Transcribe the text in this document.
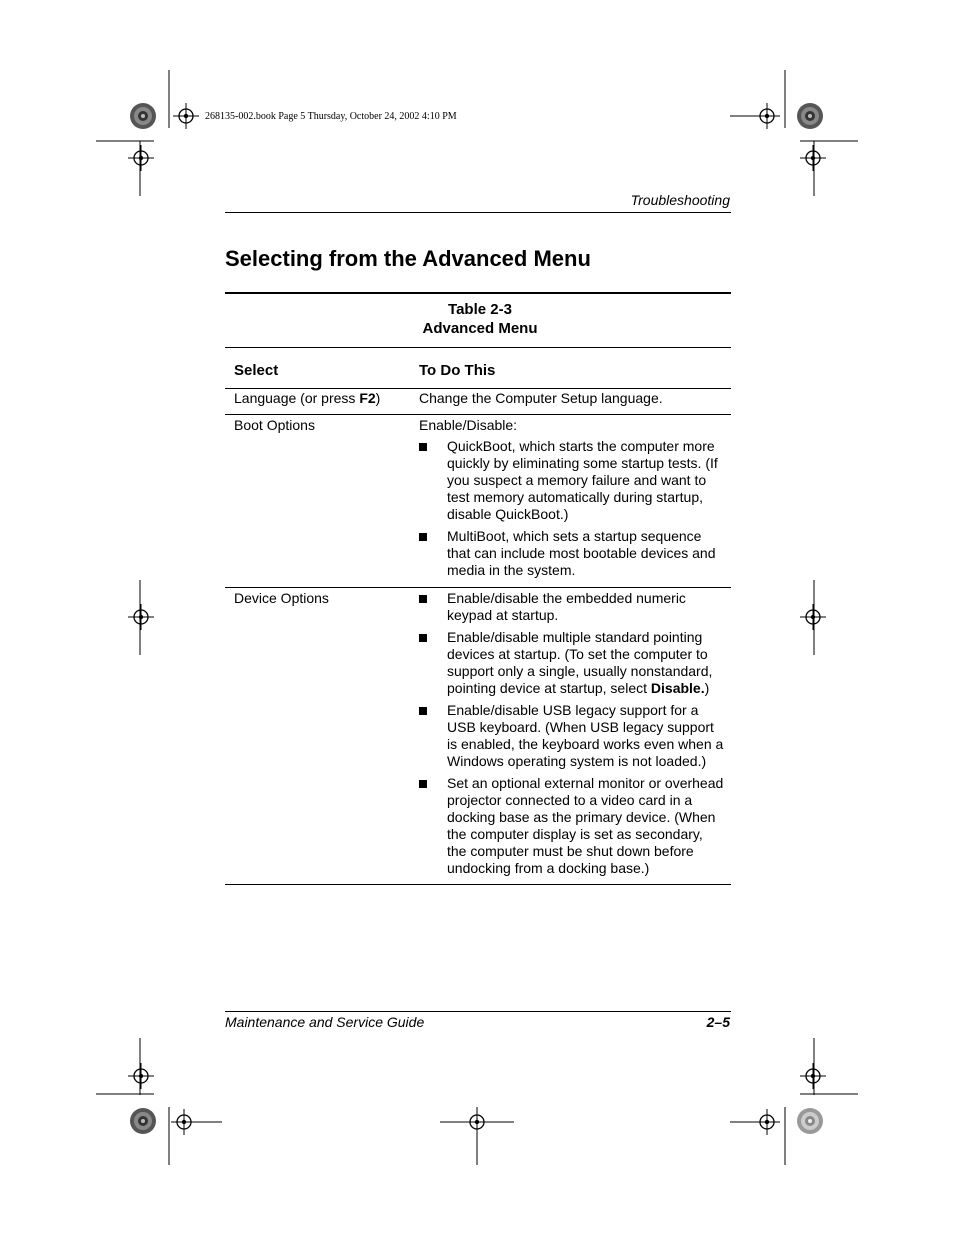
268135-002.book Page 5 Thursday, October 24, 2002 4:10 PM
Troubleshooting
Selecting from the Advanced Menu
Table 2-3
Advanced Menu
Select	To Do This
Language (or press F2)	Change the Computer Setup language.
Boot Options	Enable/Disable:
QuickBoot, which starts the computer more quickly by eliminating some startup tests. (If you suspect a memory failure and want to test memory automatically during startup, disable QuickBoot.)
MultiBoot, which sets a startup sequence that can include most bootable devices and media in the system.
Device Options	Enable/disable the embedded numeric keypad at startup.
Enable/disable multiple standard pointing devices at startup. (To set the computer to support only a single, usually nonstandard, pointing device at startup, select Disable.)
Enable/disable USB legacy support for a USB keyboard. (When USB legacy support is enabled, the keyboard works even when a Windows operating system is not loaded.)
Set an optional external monitor or overhead projector connected to a video card in a docking base as the primary device. (When the computer display is set as secondary, the computer must be shut down before undocking from a docking base.)
Maintenance and Service Guide	2–5
